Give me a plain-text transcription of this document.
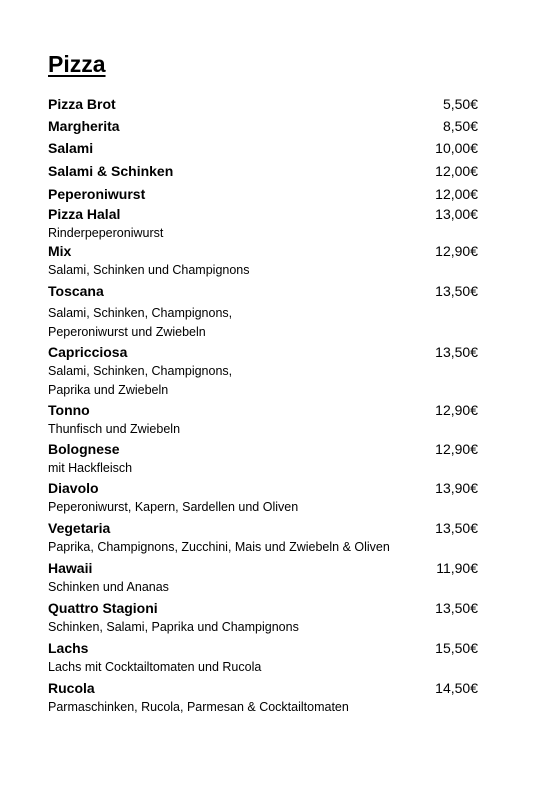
Pizza
Pizza Brot	5,50€
Margherita	8,50€
Salami	10,00€
Salami & Schinken	12,00€
Peperoniwurst	12,00€
Pizza Halal	13,00€
Rinderpeperoniwurst
Mix	12,90€
Salami, Schinken und Champignons
Toscana	13,50€
Salami, Schinken, Champignons,
Peperoniwurst und Zwiebeln
Capricciosa	13,50€
Salami, Schinken, Champignons,
Paprika und Zwiebeln
Tonno	12,90€
Thunfisch und Zwiebeln
Bolognese	12,90€
mit Hackfleisch
Diavolo	13,90€
Peperoniwurst, Kapern, Sardellen und Oliven
Vegetaria	13,50€
Paprika, Champignons, Zucchini, Mais und Zwiebeln & Oliven
Hawaii	11,90€
Schinken und Ananas
Quattro Stagioni	13,50€
Schinken, Salami, Paprika und Champignons
Lachs	15,50€
Lachs mit Cocktailtomaten und Rucola
Rucola	14,50€
Parmaschinken, Rucola, Parmesan & Cocktailtomaten
